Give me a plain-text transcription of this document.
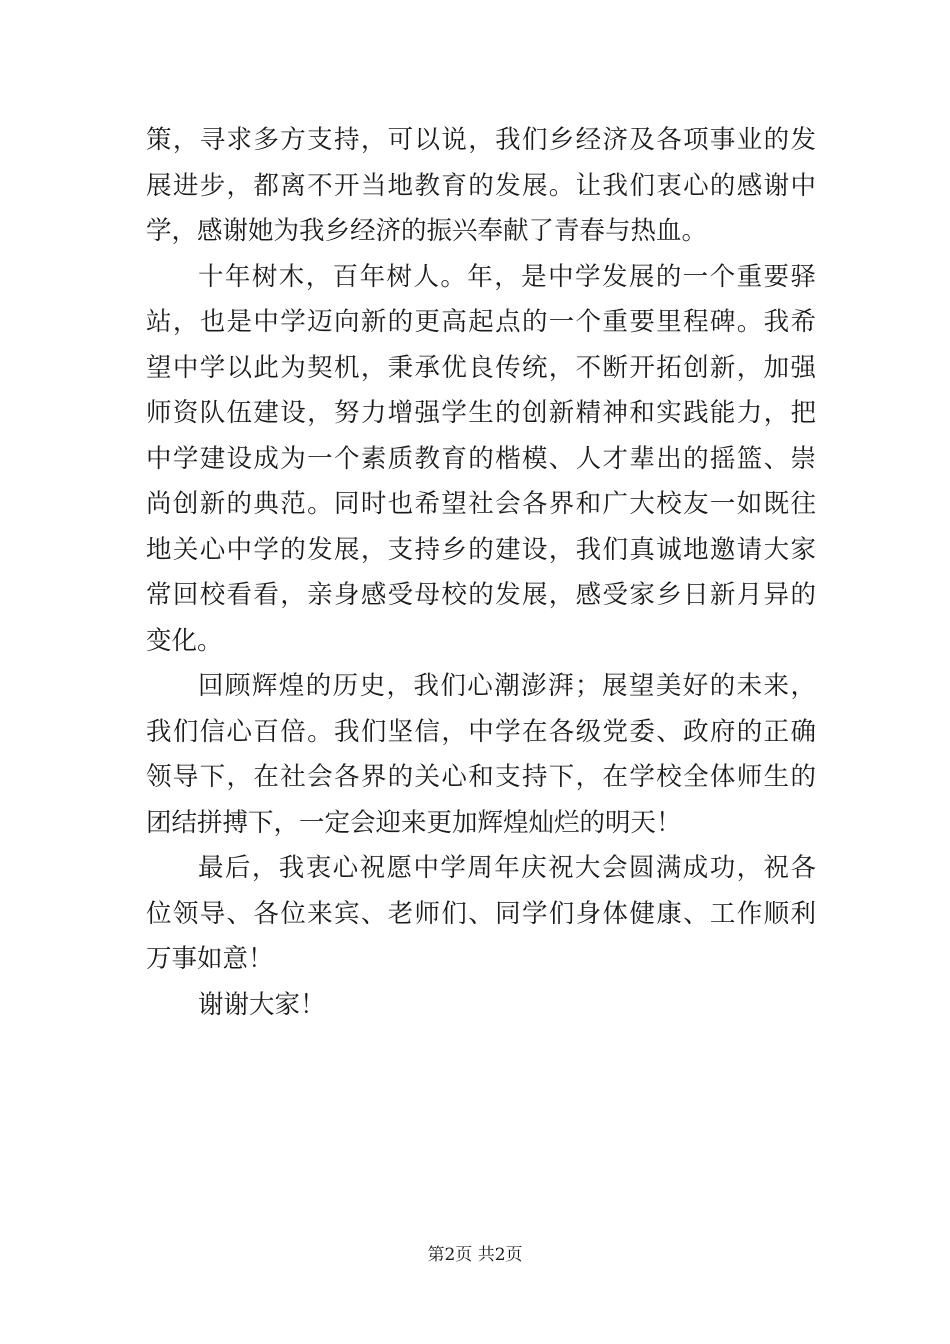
策，寻求多方支持，可以说，我们乡经济及各项事业的发
展进步，都离不开当地教育的发展。让我们衷心的感谢中
学，感谢她为我乡经济的振兴奉献了青春与热血。
十年树木，百年树人。年，是中学发展的一个重要驿
站，也是中学迈向新的更高起点的一个重要里程碑。我希
望中学以此为契机，秉承优良传统，不断开拓创新，加强
师资队伍建设，努力增强学生的创新精神和实践能力，把
中学建设成为一个素质教育的楷模、人才辈出的摇篮、崇
尚创新的典范。同时也希望社会各界和广大校友一如既往
地关心中学的发展，支持乡的建设，我们真诚地邀请大家
常回校看看，亲身感受母校的发展，感受家乡日新月异的
变化。
回顾辉煌的历史，我们心潮澎湃；展望美好的未来，
我们信心百倍。我们坚信，中学在各级党委、政府的正确
领导下，在社会各界的关心和支持下，在学校全体师生的
团结拼搏下，一定会迎来更加辉煌灿烂的明天！
最后，我衷心祝愿中学周年庆祝大会圆满成功，祝各
位领导、各位来宾、老师们、同学们身体健康、工作顺利
万事如意！
谢谢大家！
第2页 共2页
